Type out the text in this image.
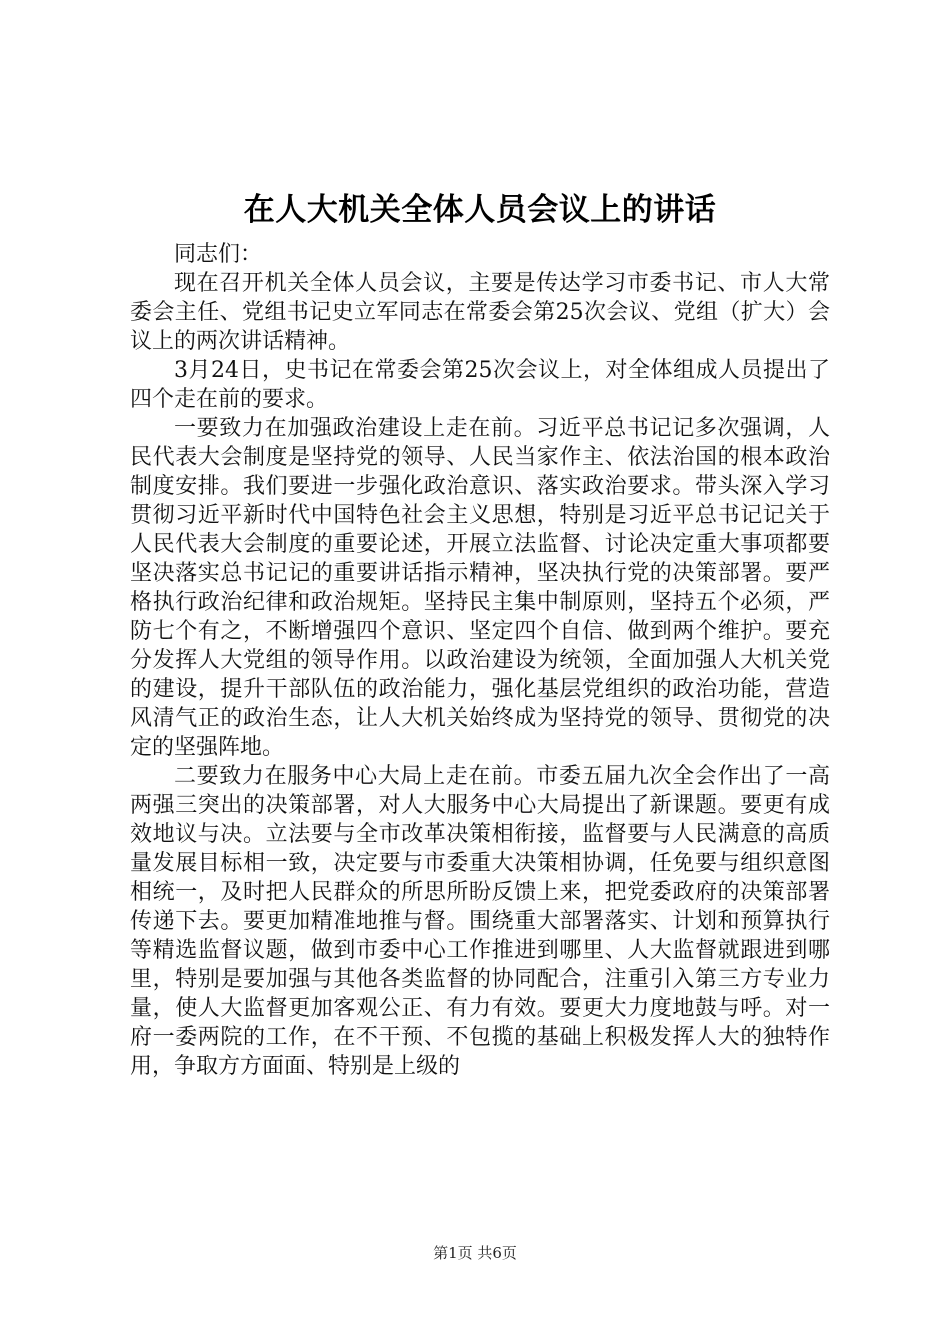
在人大机关全体人员会议上的讲话

同志们：

现在召开机关全体人员会议，主要是传达学习市委书记、市人大常委会主任、党组书记史立军同志在常委会第25次会议、党组（扩大）会议上的两次讲话精神。

3月24日，史书记在常委会第25次会议上，对全体组成人员提出了四个走在前的要求。

一要致力在加强政治建设上走在前。习近平总书记记多次强调，人民代表大会制度是坚持党的领导、人民当家作主、依法治国的根本政治制度安排。我们要进一步强化政治意识、落实政治要求。带头深入学习贯彻习近平新时代中国特色社会主义思想，特别是习近平总书记记关于人民代表大会制度的重要论述，开展立法监督、讨论决定重大事项都要坚决落实总书记记的重要讲话指示精神，坚决执行党的决策部署。要严格执行政治纪律和政治规矩。坚持民主集中制原则，坚持五个必须，严防七个有之，不断增强四个意识、坚定四个自信、做到两个维护。要充分发挥人大党组的领导作用。以政治建设为统领，全面加强人大机关党的建设，提升干部队伍的政治能力，强化基层党组织的政治功能，营造风清气正的政治生态，让人大机关始终成为坚持党的领导、贯彻党的决定的坚强阵地。

二要致力在服务中心大局上走在前。市委五届九次全会作出了一高两强三突出的决策部署，对人大服务中心大局提出了新课题。要更有成效地议与决。立法要与全市改革决策相衔接，监督要与人民满意的高质量发展目标相一致，决定要与市委重大决策相协调，任免要与组织意图相统一，及时把人民群众的所思所盼反馈上来，把党委政府的决策部署传递下去。要更加精准地推与督。围绕重大部署落实、计划和预算执行等精选监督议题，做到市委中心工作推进到哪里、人大监督就跟进到哪里，特别是要加强与其他各类监督的协同配合，注重引入第三方专业力量，使人大监督更加客观公正、有力有效。要更大力度地鼓与呼。对一府一委两院的工作，在不干预、不包揽的基础上积极发挥人大的独特作用，争取方方面面、特别是上级的

第1页 共6页
